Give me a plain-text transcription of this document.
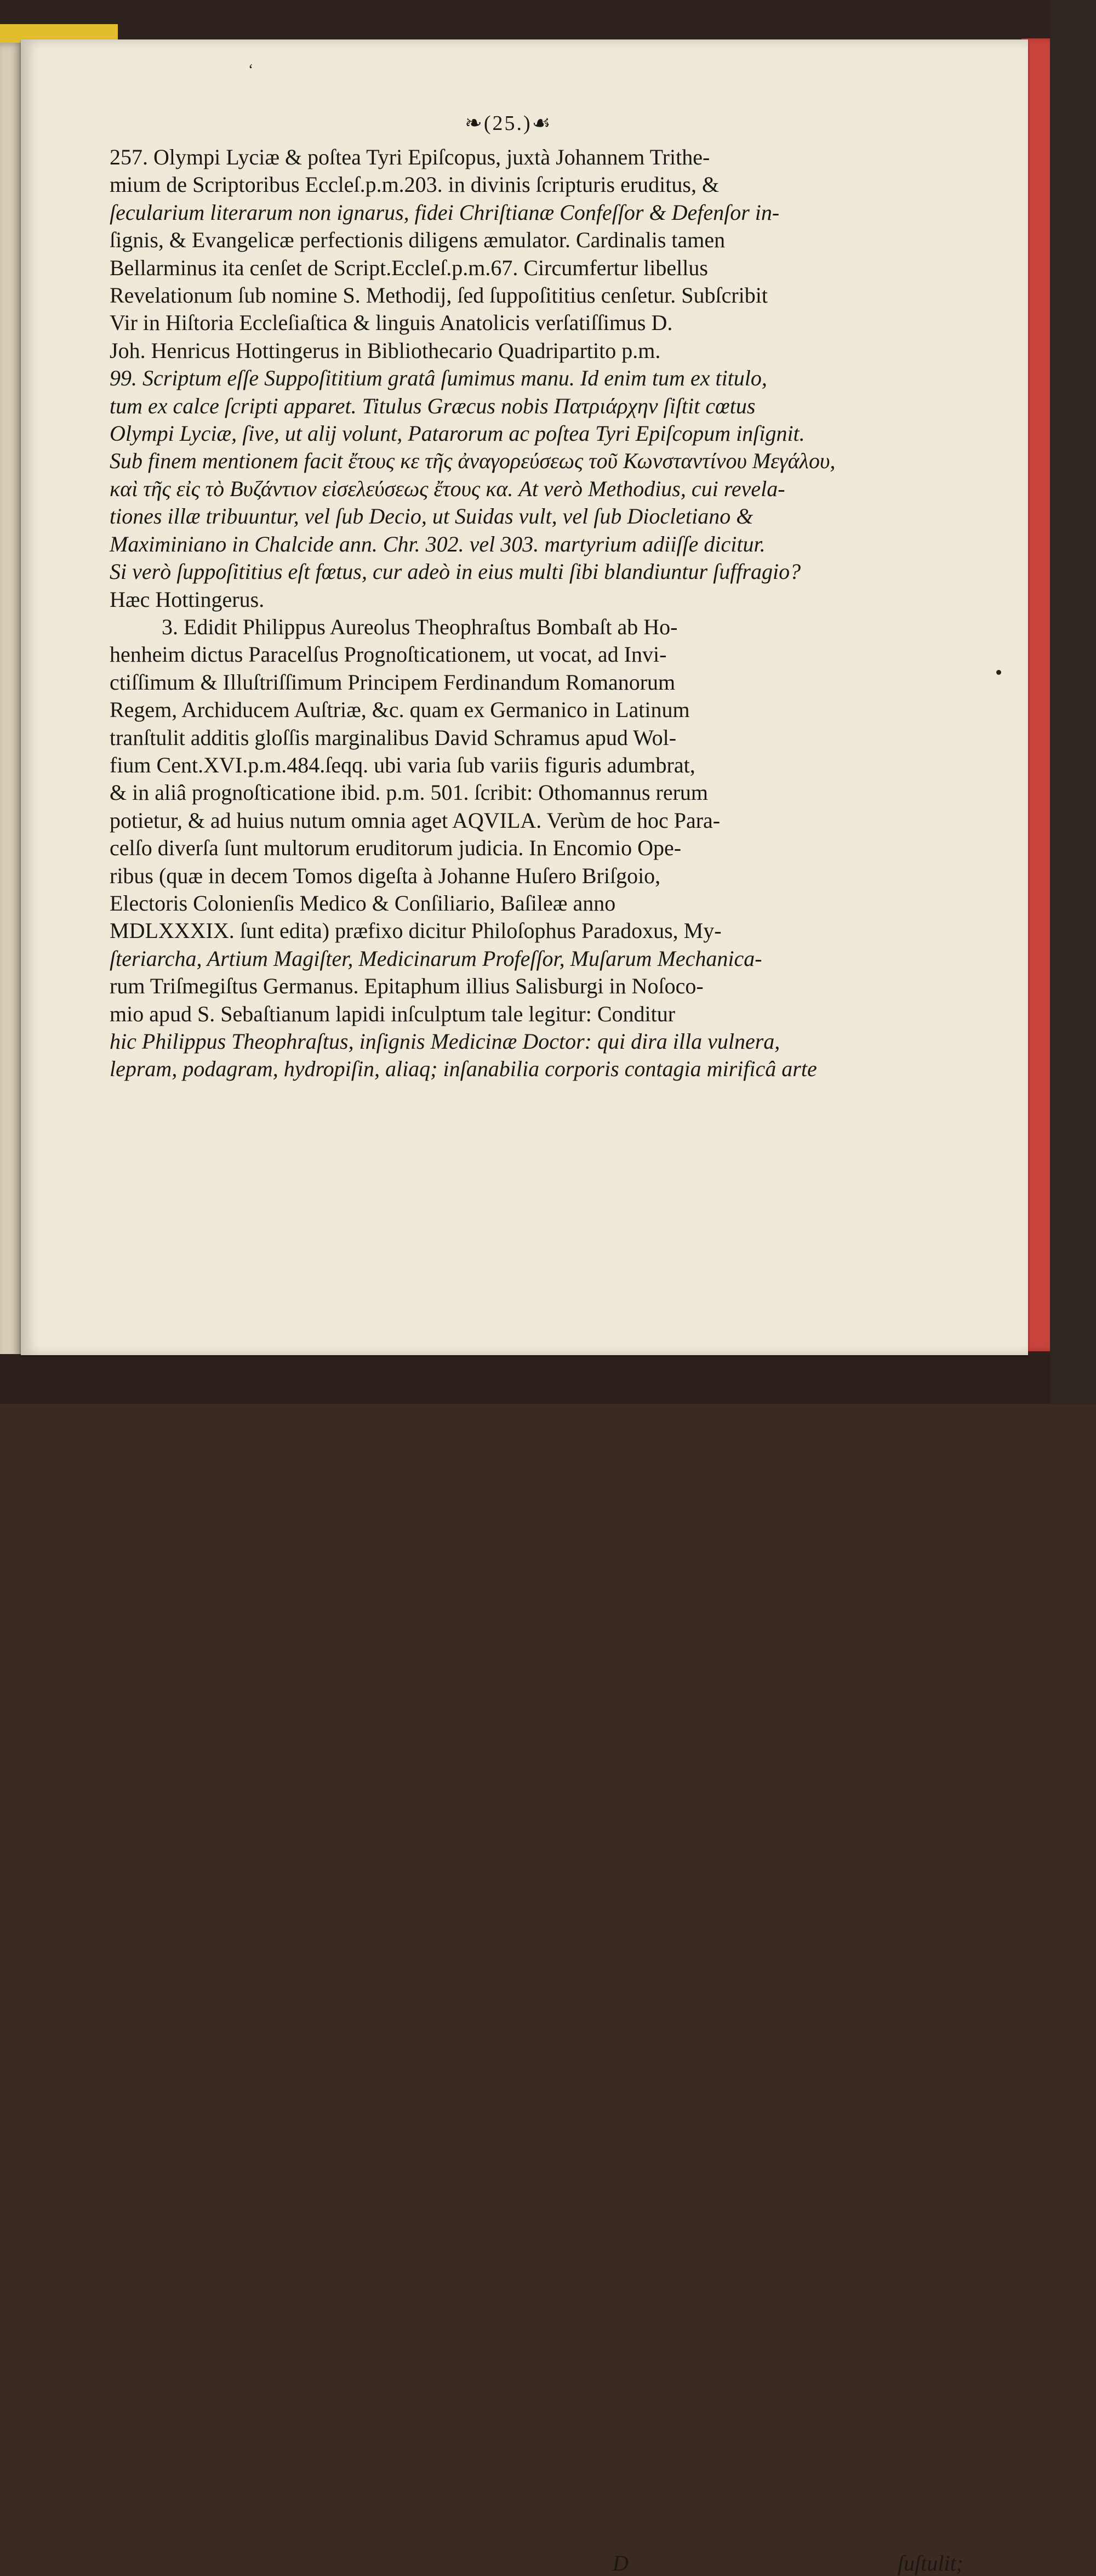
‘
❧(25.)☙
257. Olympi Lyciæ & poſtea Tyri Epiſcopus, juxtà Johannem Trithe-
mium de Scriptoribus Eccleſ.p.m.203. in divinis ſcripturis eruditus, &
ſecularium literarum non ignarus, fidei Chriſtianæ Confeſſor & Defenſor in-
ſignis, & Evangelicæ perfectionis diligens æmulator. Cardinalis tamen
Bellarminus ita cenſet de Script.Eccleſ.p.m.67. Circumfertur libellus
Revelationum ſub nomine S. Methodij, ſed ſuppoſititius cenſetur. Subſcribit
Vir in Hiſtoria Eccleſiaſtica & linguis Anatolicis verſatiſſimus D.
Joh. Henricus Hottingerus in Bibliothecario Quadripartito p.m.
99. Scriptum eſſe Suppoſititium gratâ ſumimus manu. Id enim tum ex titulo,
tum ex calce ſcripti apparet. Titulus Græcus nobis Πατριάρχην ſiſtit cœtus
Olympi Lyciæ, ſive, ut alij volunt, Patarorum ac poſtea Tyri Epiſcopum inſignit.
Sub finem mentionem facit ἔτους κε τῆς ἀναγορεύσεως τοῦ Κωνσταντίνου Μεγάλου,
καὶ τῆς εἰς τὸ Βυζάντιον εἰσελεύσεως ἔτους κα. At verò Methodius, cui revela-
tiones illæ tribuuntur, vel ſub Decio, ut Suidas vult, vel ſub Diocletiano &
Maximiniano in Chalcide ann. Chr. 302. vel 303. martyrium adiiſſe dicitur.
Si verò ſuppoſititius eſt fœtus, cur adeò in eius multi ſibi blandiuntur ſuffragio?
Hæc Hottingerus.
3. Edidit Philippus Aureolus Theophraſtus Bombaſt ab Ho-
henheim dictus Paracelſus Prognoſticationem, ut vocat, ad Invi-
ctiſſimum & Illuſtriſſimum Principem Ferdinandum Romanorum
Regem, Archiducem Auſtriæ, &c. quam ex Germanico in Latinum
tranſtulit additis gloſſis marginalibus David Schramus apud Wol-
fium Cent.XVI.p.m.484.ſeqq. ubi varia ſub variis figuris adumbrat,
& in aliâ prognoſticatione ibid. p.m. 501. ſcribit: Othomannus rerum
potietur, & ad huius nutum omnia aget AQVILA. Verùm de hoc Para-
celſo diverſa ſunt multorum eruditorum judicia. In Encomio Ope-
ribus (quæ in decem Tomos digeſta à Johanne Huſero Briſgoio,
Electoris Colonienſis Medico & Conſiliario, Baſileæ anno
MDLXXXIX. ſunt edita) præfixo dicitur Philoſophus Paradoxus, My-
ſteriarcha, Artium Magiſter, Medicinarum Profeſſor, Muſarum Mechanica-
rum Triſmegiſtus Germanus. Epitaphum illius Salisburgi in Noſoco-
mio apud S. Sebaſtianum lapidi inſculptum tale legitur: Conditur
hic Philippus Theophraſtus, inſignis Medicinæ Doctor: qui dira illa vulnera,
lepram, podagram, hydropiſin, aliaq; inſanabilia corporis contagia mirificâ arte
D	ſuſtulit;
